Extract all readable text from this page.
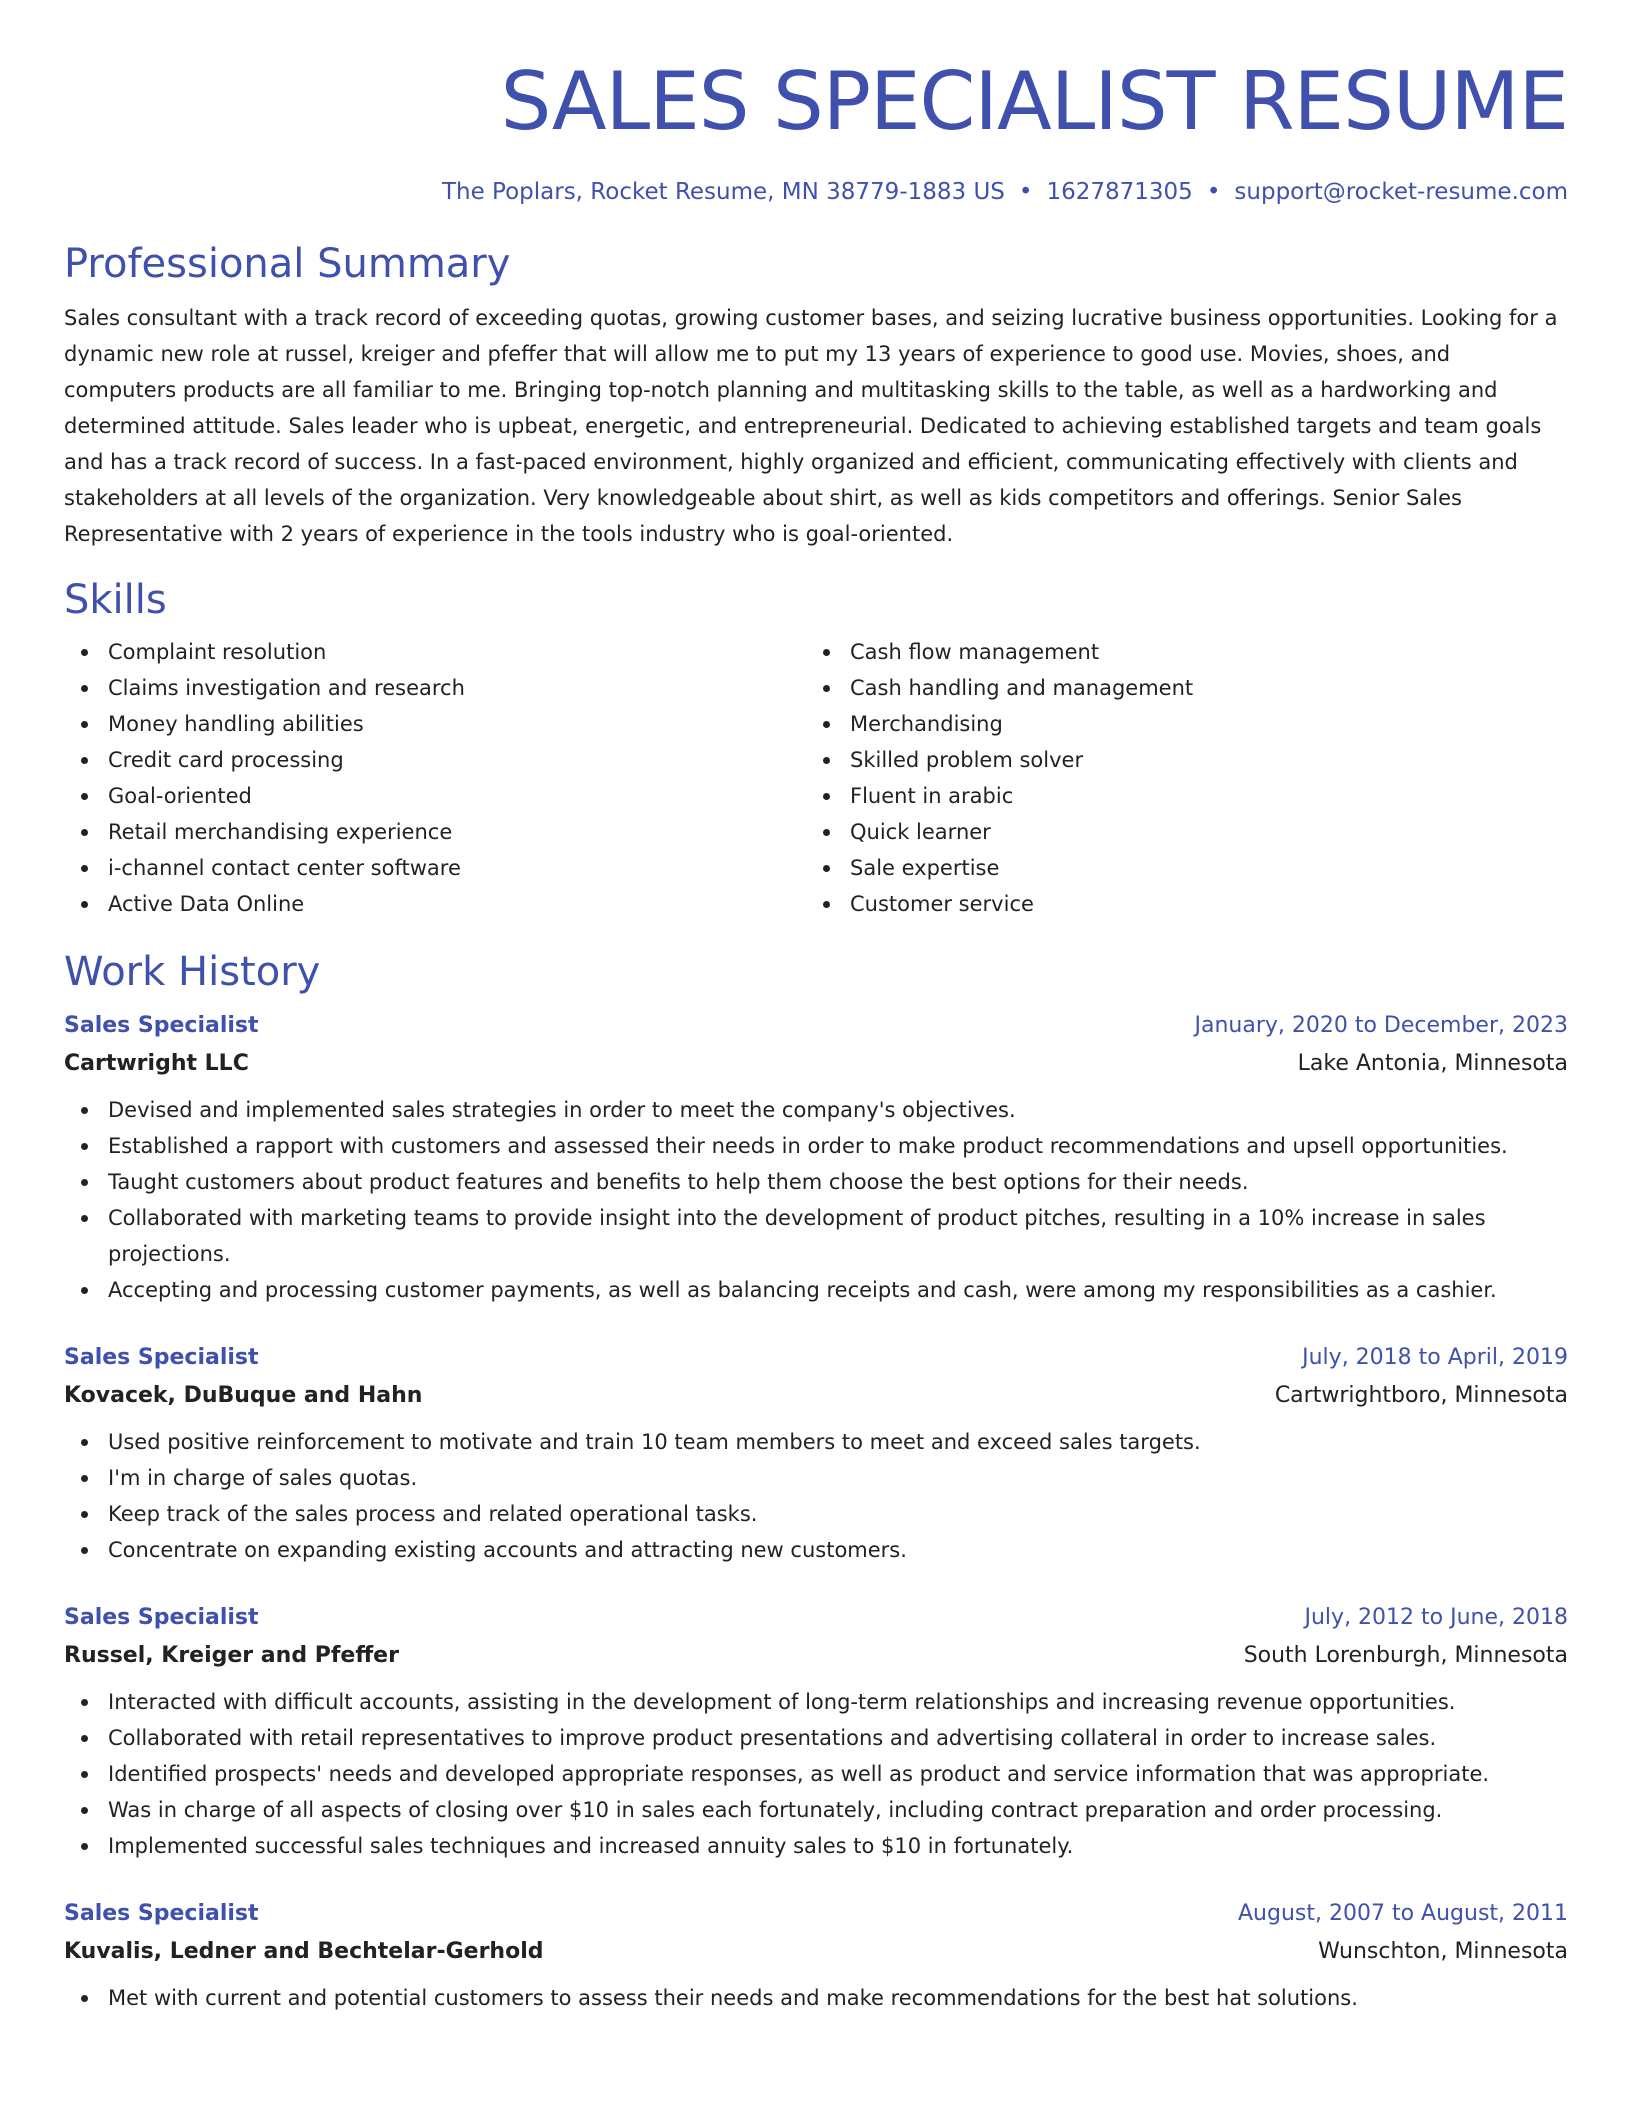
SALES SPECIALIST RESUME
The Poplars, Rocket Resume, MN 38779-1883 US • 1627871305 • support@rocket-resume.com
Professional Summary

Sales consultant with a track record of exceeding quotas, growing customer bases, and seizing lucrative business opportunities. Looking for a dynamic new role at russel, kreiger and pfeffer that will allow me to put my 13 years of experience to good use. Movies, shoes, and computers products are all familiar to me. Bringing top-notch planning and multitasking skills to the table, as well as a hardworking and determined attitude. Sales leader who is upbeat, energetic, and entrepreneurial. Dedicated to achieving established targets and team goals and has a track record of success. In a fast-paced environment, highly organized and efficient, communicating effectively with clients and stakeholders at all levels of the organization. Very knowledgeable about shirt, as well as kids competitors and offerings. Senior Sales Representative with 2 years of experience in the tools industry who is goal-oriented.

Skills
Complaint resolution
Claims investigation and research
Money handling abilities
Credit card processing
Goal-oriented
Retail merchandising experience
i-channel contact center software
Active Data Online
Cash flow management
Cash handling and management
Merchandising
Skilled problem solver
Fluent in arabic
Quick learner
Sale expertise
Customer service
Work History
Sales Specialist	January, 2020 to December, 2023
Cartwright LLC	Lake Antonia, Minnesota
Devised and implemented sales strategies in order to meet the company's objectives.
Established a rapport with customers and assessed their needs in order to make product recommendations and upsell opportunities.
Taught customers about product features and benefits to help them choose the best options for their needs.
Collaborated with marketing teams to provide insight into the development of product pitches, resulting in a 10% increase in sales projections.
Accepting and processing customer payments, as well as balancing receipts and cash, were among my responsibilities as a cashier.
Sales Specialist	July, 2018 to April, 2019
Kovacek, DuBuque and Hahn	Cartwrightboro, Minnesota
Used positive reinforcement to motivate and train 10 team members to meet and exceed sales targets.
I'm in charge of sales quotas.
Keep track of the sales process and related operational tasks.
Concentrate on expanding existing accounts and attracting new customers.
Sales Specialist	July, 2012 to June, 2018
Russel, Kreiger and Pfeffer	South Lorenburgh, Minnesota
Interacted with difficult accounts, assisting in the development of long-term relationships and increasing revenue opportunities.
Collaborated with retail representatives to improve product presentations and advertising collateral in order to increase sales.
Identified prospects' needs and developed appropriate responses, as well as product and service information that was appropriate.
Was in charge of all aspects of closing over $10 in sales each fortunately, including contract preparation and order processing.
Implemented successful sales techniques and increased annuity sales to $10 in fortunately.
Sales Specialist	August, 2007 to August, 2011
Kuvalis, Ledner and Bechtelar-Gerhold	Wunschton, Minnesota
Met with current and potential customers to assess their needs and make recommendations for the best hat solutions.
